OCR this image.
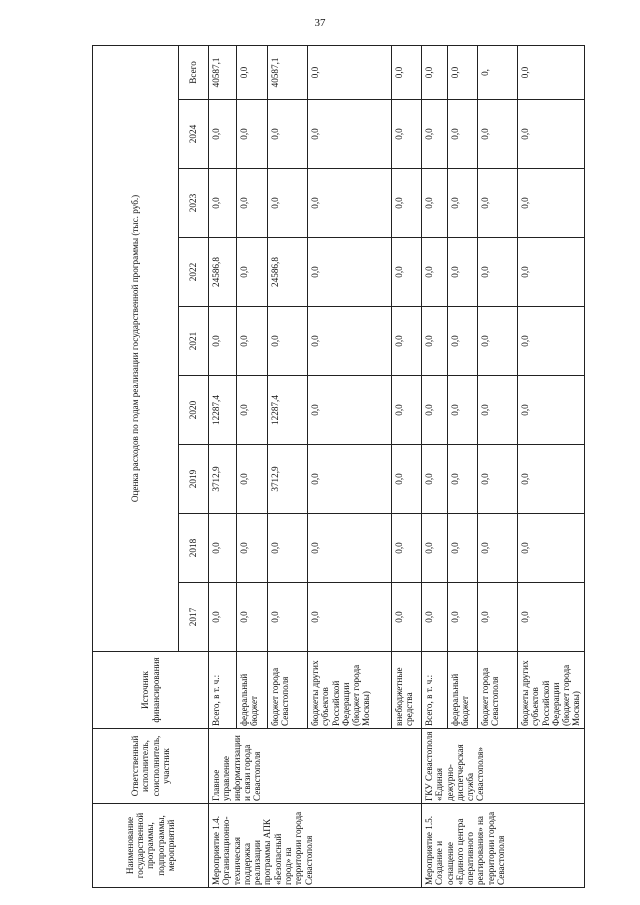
37
Наименование государственной программы, подпрограммы, мероприятий	Ответственный исполнитель, соисполнитель, участник	Источник финансирования	Оценка расходов по годам реализации государственной программы (тыс. руб.)								
			2017	2018	2019	2020	2021	2022	2023	2024	Всего
Мероприятие 1.4. Организационно-техническая поддержка реализации программы АПК «Безопасный город» на территории города Севастополя	Главное управление информатизации и связи города Севастополя	Всего, в т. ч.:	0,0	0,0	3712,9	12287,4	0,0	24586,8	0,0	0,0	40587,1
		федеральный бюджет	0,0	0,0	0,0	0,0	0,0	0,0	0,0	0,0	0,0
		бюджет города Севастополя	0,0	0,0	3712,9	12287,4	0,0	24586,8	0,0	0,0	40587,1
		бюджеты других субъектов Российской Федерации (бюджет города Москвы)	0,0	0,0	0,0	0,0	0,0	0,0	0,0	0,0	0,0
		внебюджетные средства	0,0	0,0	0,0	0,0	0,0	0,0	0,0	0,0	0,0
Мероприятие 1.5. Создание и оснащение «Единого центра оперативного реагирования» на территории города Севастополя	ГКУ Севастополя «Единая дежурно-диспетчерская служба Севастополя»	Всего, в т. ч.:	0,0	0,0	0,0	0,0	0,0	0,0	0,0	0,0	0,0
		федеральный бюджет	0,0	0,0	0,0	0,0	0,0	0,0	0,0	0,0	0,0
		бюджет города Севастополя	0,0	0,0	0,0	0,0	0,0	0,0	0,0	0,0	0,
		бюджеты других субъектов Российской Федерации (бюджет города Москвы)	0,0	0,0	0,0	0,0	0,0	0,0	0,0	0,0	0,0
